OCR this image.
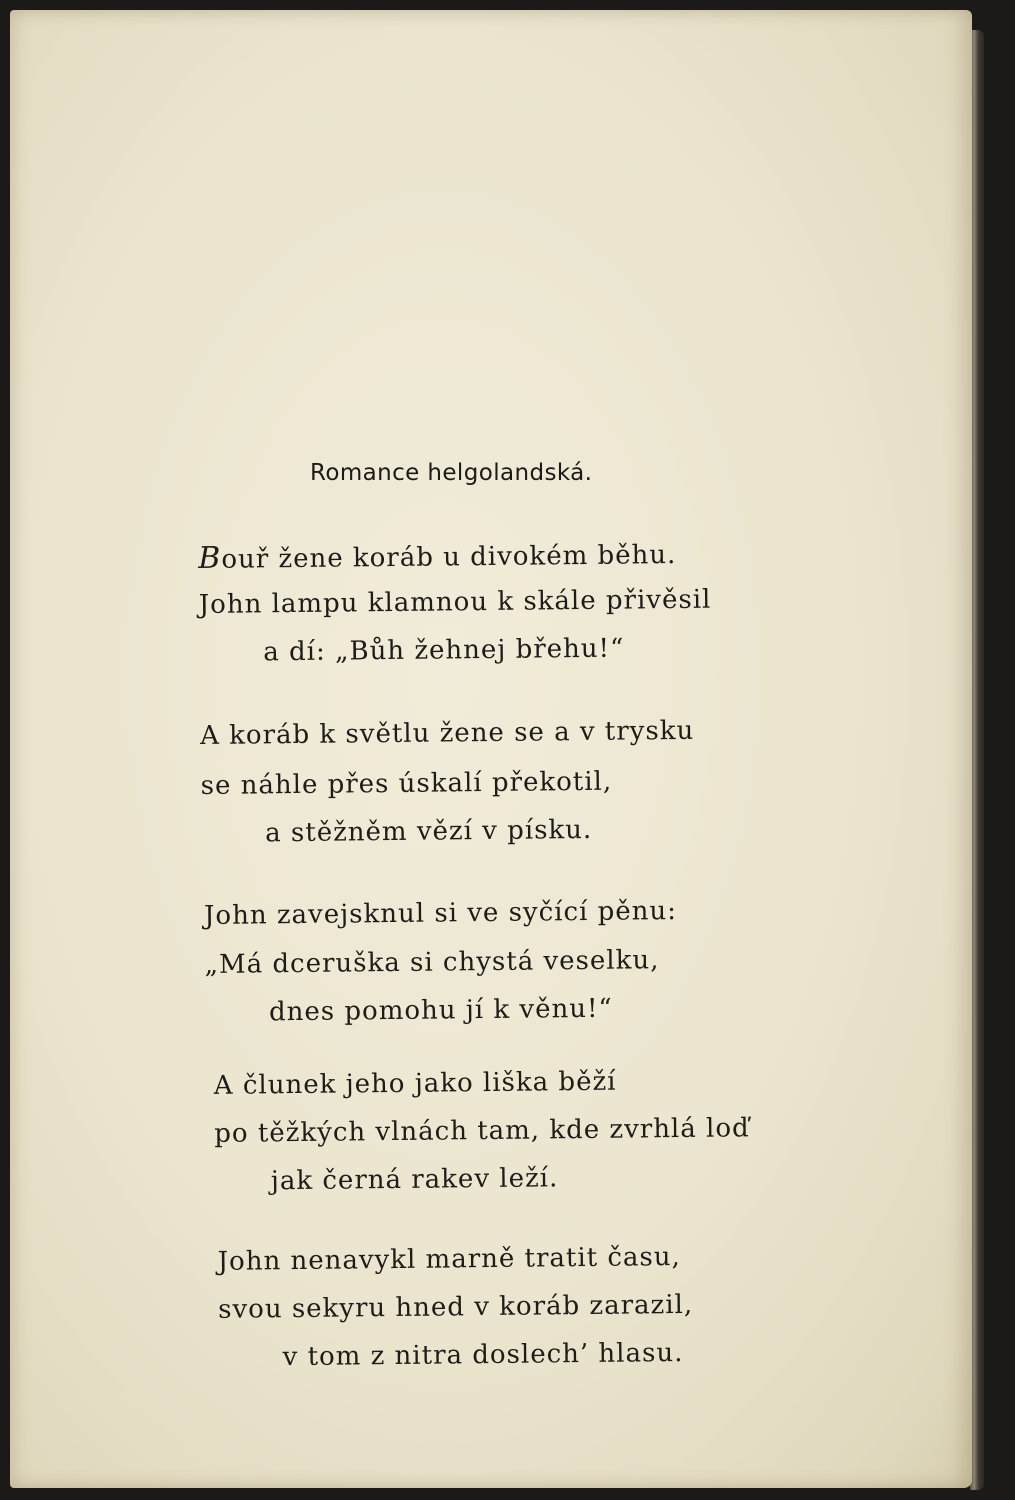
Romance helgolandská.
Bouř žene koráb u divokém běhu.
John lampu klamnou k skále přivěsil
a dí: „Bůh žehnej břehu!“
A koráb k světlu žene se a v trysku
se náhle přes úskalí překotil,
a stěžněm vězí v písku.
John zavejsknul si ve syčící pěnu:
„Má dceruška si chystá veselku,
dnes pomohu jí k věnu!“
A člunek jeho jako liška běží
po těžkých vlnách tam, kde zvrhlá loď
jak černá rakev leží.
John nenavykl marně tratit času,
svou sekyru hned v koráb zarazil,
v tom z nitra doslech’ hlasu.
